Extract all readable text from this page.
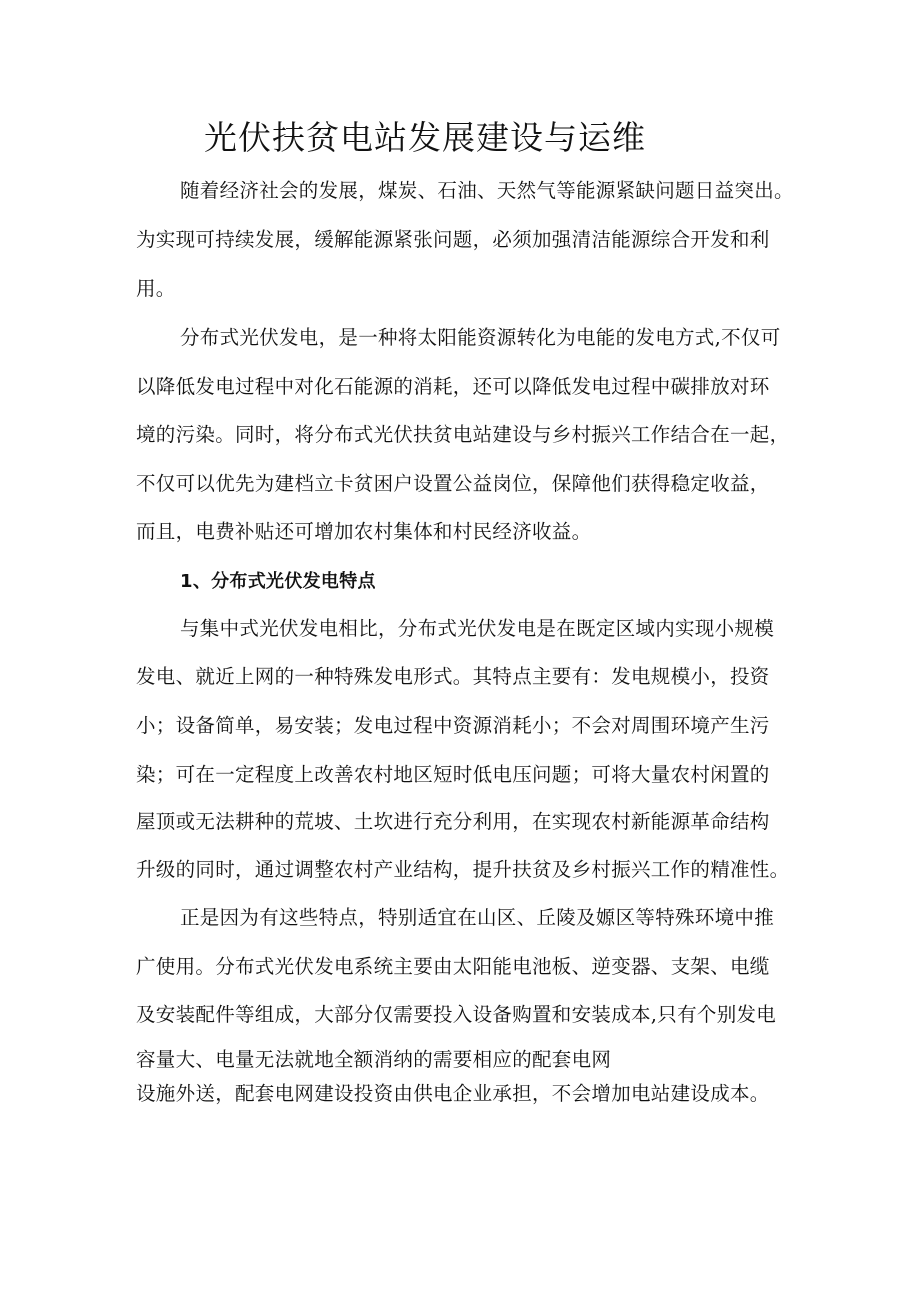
光伏扶贫电站发展建设与运维
随着经济社会的发展，煤炭、石油、天然气等能源紧缺问题日益突出。
为实现可持续发展，缓解能源紧张问题，必须加强清洁能源综合开发和利
用。
分布式光伏发电，是一种将太阳能资源转化为电能的发电方式,不仅可
以降低发电过程中对化石能源的消耗，还可以降低发电过程中碳排放对环
境的污染。同时，将分布式光伏扶贫电站建设与乡村振兴工作结合在一起，
不仅可以优先为建档立卡贫困户设置公益岗位，保障他们获得稳定收益，
而且，电费补贴还可增加农村集体和村民经济收益。
1、分布式光伏发电特点
与集中式光伏发电相比，分布式光伏发电是在既定区域内实现小规模
发电、就近上网的一种特殊发电形式。其特点主要有：发电规模小，投资
小；设备简单，易安装；发电过程中资源消耗小；不会对周围环境产生污
染；可在一定程度上改善农村地区短时低电压问题；可将大量农村闲置的
屋顶或无法耕种的荒坡、土坎进行充分利用，在实现农村新能源革命结构
升级的同时，通过调整农村产业结构，提升扶贫及乡村振兴工作的精准性。
正是因为有这些特点，特别适宜在山区、丘陵及嫄区等特殊环境中推
广使用。分布式光伏发电系统主要由太阳能电池板、逆变器、支架、电缆
及安装配件等组成，大部分仅需要投入设备购置和安装成本,只有个别发电
容量大、电量无法就地全额消纳的需要相应的配套电网
设施外送，配套电网建设投资由供电企业承担，不会增加电站建设成本。
